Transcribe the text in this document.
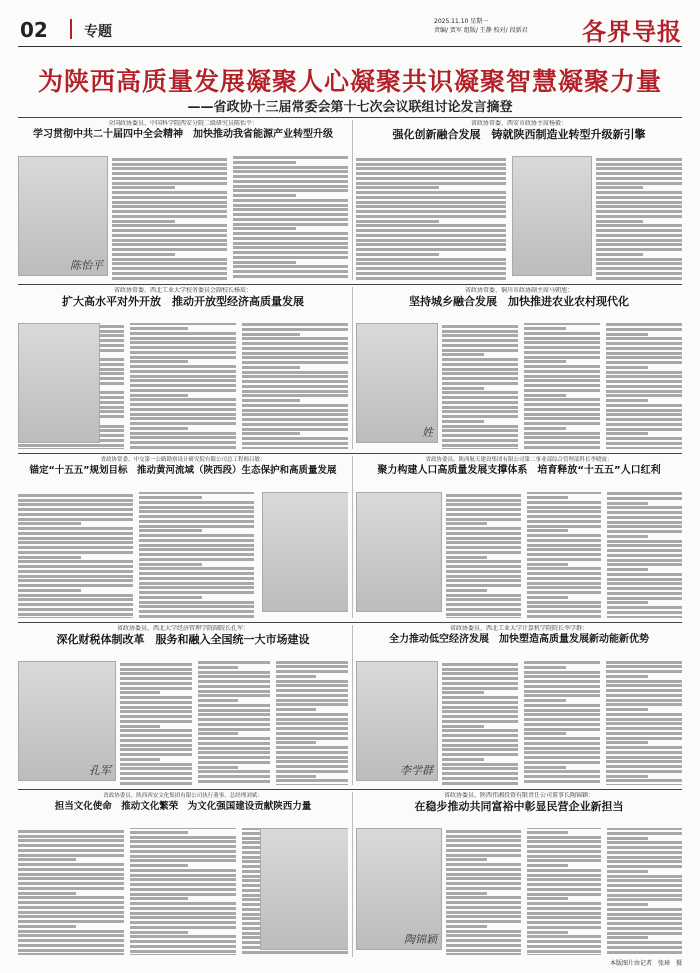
02	专题
2025.11.10 星期一
责编/ 贾军 组版/ 王静 校对/ 段新君 各界导报
为陕西高质量发展凝聚人心凝聚共识凝聚智慧凝聚力量
——省政协十三届常委会第十七次会议联组讨论发言摘登
全国政协委员、中国科学院西安分院二级研究员陈怡平：
学习贯彻中共二十届四中全会精神　加快推动我省能源产业转型升级
陈怡平
省政协常委、西安市政协主席杨毅：
强化创新融合发展　铸就陕西制造业转型升级新引擎
省政协常委、西北工业大学校务委员会副校长杨辰：
扩大高水平对外开放　推动开放型经济高质量发展
省政协常委、铜川市政协副主席马朝旭：
坚持城乡融合发展　加快推进农业农村现代化
姓
省政协常委、中交第一公路勘察设计研究院有限公司总工程师吕敏：
锚定“十五五”规划目标　推动黄河流域（陕西段）生态保护和高质量发展
省政协委员、陕西航天建设集团有限公司第二事业部综合管理部科长李晓波：
聚力构建人口高质量发展支撑体系　培育释放“十五五”人口红利
省政协委员、西北大学经济管理学院副院长孔军：
深化财税体制改革　服务和融入全国统一大市场建设
孔军
省政协委员、西北工业大学计算机学院院长李学群：
全力推动低空经济发展　加快塑造高质量发展新动能新优势
李学群
省政协委员、陕西西安文化集团有限公司执行董事、总经理刘斌：
担当文化使命　推动文化繁荣　为文化强国建设贡献陕西力量
省政协委员、陕西伟湘投资有限责任公司董事长陶锦颖：
在稳步推动共同富裕中彰显民营企业新担当
陶锦颖
本版图片由记者　张璋　摄
